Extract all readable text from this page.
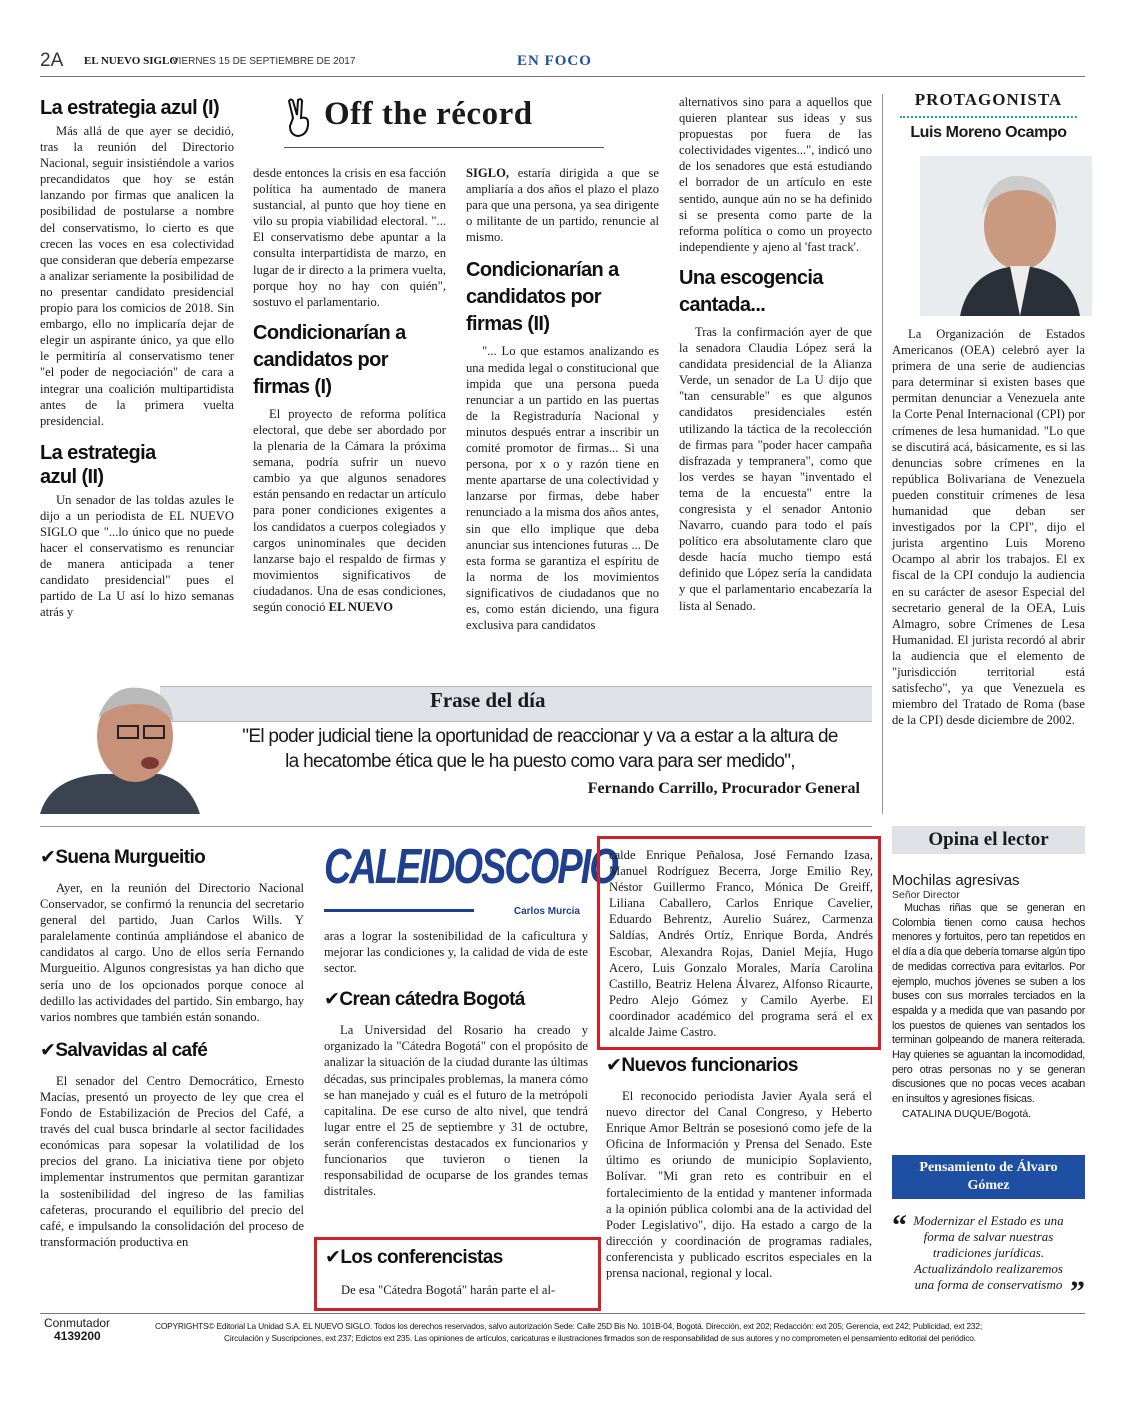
2A EL NUEVO SIGLO
VIERNES 15 DE SEPTIEMBRE DE 2017	EN FOCO
La estrategia azul (I)

Más allá de que ayer se decidió, tras la reunión del Directorio Nacional, seguir insistiéndole a varios precandidatos que hoy se están lanzando por firmas que analicen la posibilidad de postularse a nombre del conservatismo, lo cierto es que crecen las voces en esa colectividad que consideran que debería empezarse a analizar seriamente la posibilidad de no presentar candidato presidencial propio para los comicios de 2018. Sin embargo, ello no implicaría dejar de elegir un aspirante único, ya que ello le permitiría al conservatismo tener "el poder de negociación" de cara a integrar una coalición multipartidista antes de la primera vuelta presidencial.

La estrategia azul (II)

Un senador de las toldas azules le dijo a un periodista de EL NUEVO SIGLO que "...lo único que no puede hacer el conservatismo es renunciar de manera anticipada a tener candidato presidencial" pues el partido de La U así lo hizo semanas atrás y

Off the récord

desde entonces la crisis en esa facción política ha aumentado de manera sustancial, al punto que hoy tiene en vilo su propia viabilidad electoral. "... El conservatismo debe apuntar a la consulta interpartidista de marzo, en lugar de ir directo a la primera vuelta, porque hoy no hay con quién", sostuvo el parlamentario.

Condicionarían a candidatos por firmas (I)

El proyecto de reforma política electoral, que debe ser abordado por la plenaria de la Cámara la próxima semana, podría sufrir un nuevo cambio ya que algunos senadores están pensando en redactar un artículo para poner condiciones exigentes a los candidatos a cuerpos colegiados y cargos uninominales que deciden lanzarse bajo el respaldo de firmas y movimientos significativos de ciudadanos. Una de esas condiciones, según conoció EL NUEVO

SIGLO, estaría dirigida a que se ampliaría a dos años el plazo el plazo para que una persona, ya sea dirigente o militante de un partido, renuncie al mismo.

Condicionarían a candidatos por firmas (II)

"... Lo que estamos analizando es una medida legal o constitucional que impida que una persona pueda renunciar a un partido en las puertas de la Registraduría Nacional y minutos después entrar a inscribir un comité promotor de firmas... Si una persona, por x o y razón tiene en mente apartarse de una colectividad y lanzarse por firmas, debe haber renunciado a la misma dos años antes, sin que ello implique que deba anunciar sus intenciones futuras ... De esta forma se garantiza el espíritu de la norma de los movimientos significativos de ciudadanos que no es, como están diciendo, una figura exclusiva para candidatos

alternativos sino para a aquellos que quieren plantear sus ideas y sus propuestas por fuera de las colectividades vigentes...", indicó uno de los senadores que está estudiando el borrador de un artículo en este sentido, aunque aún no se ha definido si se presenta como parte de la reforma política o como un proyecto independiente y ajeno al 'fast track'.

Una escogencia cantada...

Tras la confirmación ayer de que la senadora Claudia López será la candidata presidencial de la Alianza Verde, un senador de La U dijo que "tan censurable" es que algunos candidatos presidenciales estén utilizando la táctica de la recolección de firmas para "poder hacer campaña disfrazada y tempranera", como que los verdes se hayan "inventado el tema de la encuesta" entre la congresista y el senador Antonio Navarro, cuando para todo el país político era absolutamente claro que desde hacía mucho tiempo está definido que López sería la candidata y que el parlamentario encabezaría la lista al Senado.

PROTAGONISTA
Luis Moreno Ocampo

La Organización de Estados Americanos (OEA) celebró ayer la primera de una serie de audiencias para determinar si existen bases que permitan denunciar a Venezuela ante la Corte Penal Internacional (CPI) por crímenes de lesa humanidad. "Lo que se discutirá acá, básicamente, es si las denuncias sobre crímenes en la república Bolivariana de Venezuela pueden constituir crímenes de lesa humanidad que deban ser investigados por la CPI", dijo el jurista argentino Luis Moreno Ocampo al abrir los trabajos. El ex fiscal de la CPI condujo la audiencia en su carácter de asesor Especial del secretario general de la OEA, Luis Almagro, sobre Crímenes de Lesa Humanidad. El jurista recordó al abrir la audiencia que el elemento de "jurisdicción territorial está satisfecho", ya que Venezuela es miembro del Tratado de Roma (base de la CPI) desde diciembre de 2002.

Frase del día
"El poder judicial tiene la oportunidad de reaccionar y va a estar a la altura de la hecatombe ética que le ha puesto como vara para ser medido",
Fernando Carrillo, Procurador General
✔Suena Murgueitio

Ayer, en la reunión del Directorio Nacional Conservador, se confirmó la renuncia del secretario general del partido, Juan Carlos Wills. Y paralelamente continúa ampliándose el abanico de candidatos al cargo. Uno de ellos sería Fernando Murgueitio. Algunos congresistas ya han dicho que sería uno de los opcionados porque conoce al dedillo las actividades del partido. Sin embargo, hay varios nombres que también están sonando.

✔Salvavidas al café

El senador del Centro Democrático, Ernesto Macías, presentó un proyecto de ley que crea el Fondo de Estabilización de Precios del Café, a través del cual busca brindarle al sector facilidades económicas para sopesar la volatilidad de los precios del grano. La iniciativa tiene por objeto implementar instrumentos que permitan garantizar la sostenibilidad del ingreso de las familias cafeteras, procurando el equilibrio del precio del café, e impulsando la consolidación del proceso de transformación productiva en

CALEIDOSCOPIO
Carlos Murcia

aras a lograr la sostenibilidad de la caficultura y mejorar las condiciones y, la calidad de vida de este sector.

✔Crean cátedra Bogotá

La Universidad del Rosario ha creado y organizado la "Cátedra Bogotá" con el propósito de analizar la situación de la ciudad durante las últimas décadas, sus principales problemas, la manera cómo se han manejado y cuál es el futuro de la metrópoli capitalina. De ese curso de alto nivel, que tendrá lugar entre el 25 de septiembre y 31 de octubre, serán conferencistas destacados ex funcionarios y funcionarios que tuvieron o tienen la responsabilidad de ocuparse de los grandes temas distritales.

✔Los conferencistas

De esa "Cátedra Bogotá" harán parte el al-

calde Enrique Peñalosa, José Fernando Izasa, Manuel Rodríguez Becerra, Jorge Emilio Rey, Néstor Guillermo Franco, Mónica De Greiff, Liliana Caballero, Carlos Enrique Cavelier, Eduardo Behrentz, Aurelio Suárez, Carmenza Saldías, Andrés Ortíz, Enrique Borda, Andrés Escobar, Alexandra Rojas, Daniel Mejía, Hugo Acero, Luis Gonzalo Morales, María Carolina Castillo, Beatriz Helena Álvarez, Alfonso Ricaurte, Pedro Alejo Gómez y Camilo Ayerbe. El coordinador académico del programa será el ex alcalde Jaime Castro.

✔Nuevos funcionarios

El reconocido periodista Javier Ayala será el nuevo director del Canal Congreso, y Heberto Enrique Amor Beltrán se posesionó como jefe de la Oficina de Información y Prensa del Senado. Este último es oriundo de municipio Soplaviento, Bolívar. "Mi gran reto es contribuir en el fortalecimiento de la entidad y mantener informada a la opinión pública colombi ana de la actividad del Poder Legislativo", dijo. Ha estado a cargo de la dirección y coordinación de programas radiales, conferencista y publicado escritos especiales en la prensa nacional, regional y local.

Opina el lector
Mochilas agresivas
Señor Director
Muchas riñas que se generan en Colombia tienen como causa hechos menores y fortuitos, pero tan repetidos en el día a día que debería tomarse algún tipo de medidas correctiva para evitarlos. Por ejemplo, muchos jóvenes se suben a los buses con sus morrales terciados en la espalda y a medida que van pasando por los puestos de quienes van sentados los terminan golpeando de manera reiterada. Hay quienes se aguantan la incomodidad, pero otras personas no y se generan discusiones que no pocas veces acaban en insultos y agresiones físicas.
CATALINA DUQUE/Bogotá.
Pensamiento de Álvaro Gómez
“ Modernizar el Estado es una forma de salvar nuestras tradiciones jurídicas. Actualizándolo realizaremos una forma de conservatismo ”
Conmutador
4139200
COPYRIGHTS© Editorial La Unidad S.A. EL NUEVO SIGLO. Todos los derechos reservados, salvo autorización Sede: Calle 25D Bis No. 101B-04, Bogotá. Dirección, ext 202; Redacción: ext 205; Gerencia, ext 242; Publicidad, ext 232;
Circulación y Suscripciones, ext 237; Edictos ext 235. Las opiniones de artículos, caricaturas e ilustraciones firmados son de responsabilidad de sus autores y no comprometen el pensamiento editorial del periódico.
